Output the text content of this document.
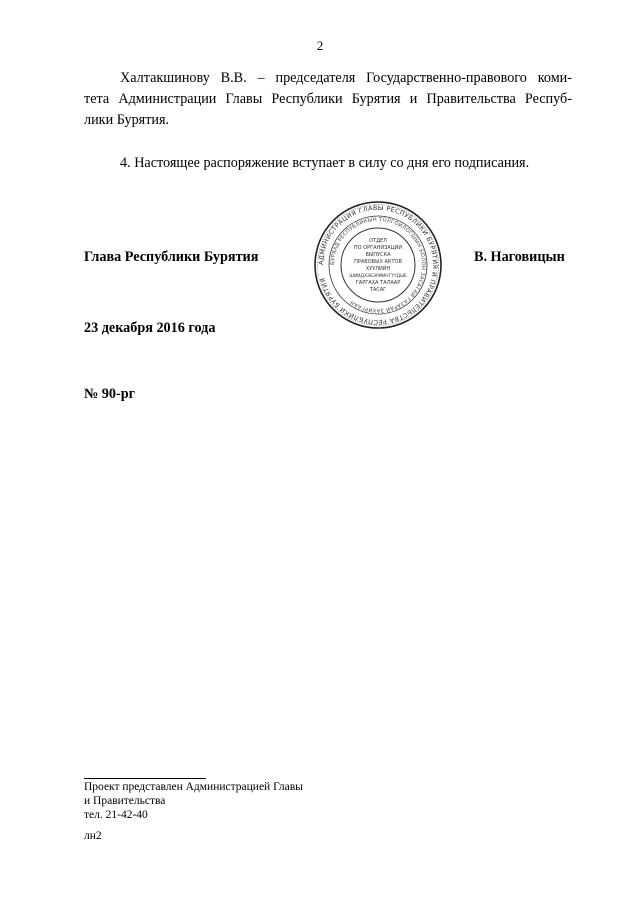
2
Халтакшинову В.В. – председателя Государственно-правового коми-
тета Администрации Главы Республики Бурятия и Правительства Респуб-
лики Бурятия.
4. Настоящее распоряжение вступает в силу со дня его подписания.
Глава Республики Бурятия	В. Наговицын
АДМИНИСТРАЦИЯ ГЛАВЫ РЕСПУБЛИКИ БУРЯТИЯ И ПРАВИТЕЛЬСТВА РЕСПУБЛИКИ БУРЯТИЯ
БУРЯАД РЕСПУБЛИКЫН ТОЛГОЙЛОГШЫН БОЛОН ЗАСАГАЙ ГАЗАРАЙ ЗАХИРГААН
ОТДЕЛ
ПО ОРГАНИЗАЦИИ
ВЫПУСКА
ПРАВОВЫХ АКТОВ
ХУУЛИЙН
ШИИДХЭБЭРИИНГҮҮДЫЕ
ГАРГАХА ТАЛААР
ТАСАГ
23 декабря 2016 года
№ 90-рг
Проект представлен Администрацией Главы
и Правительства
тел. 21-42-40
лн2
